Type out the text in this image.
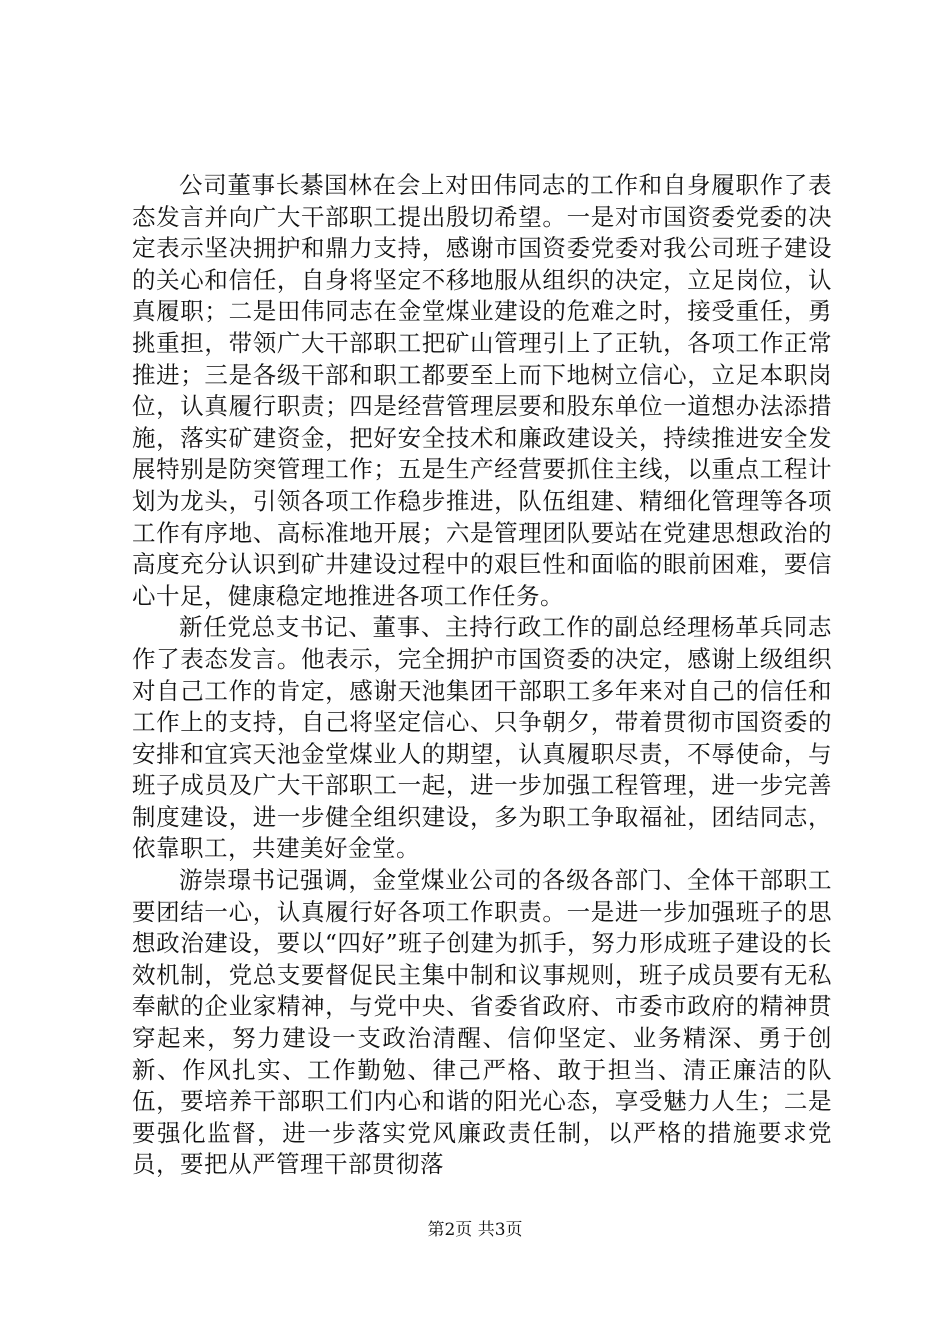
公司董事长綦国林在会上对田伟同志的工作和自身履职作了表态发言并向广大干部职工提出殷切希望。一是对市国资委党委的决定表示坚决拥护和鼎力支持，感谢市国资委党委对我公司班子建设的关心和信任，自身将坚定不移地服从组织的决定，立足岗位，认真履职；二是田伟同志在金堂煤业建设的危难之时，接受重任，勇挑重担，带领广大干部职工把矿山管理引上了正轨，各项工作正常推进；三是各级干部和职工都要至上而下地树立信心，立足本职岗位，认真履行职责；四是经营管理层要和股东单位一道想办法添措施，落实矿建资金，把好安全技术和廉政建设关，持续推进安全发展特别是防突管理工作；五是生产经营要抓住主线，以重点工程计划为龙头，引领各项工作稳步推进，队伍组建、精细化管理等各项工作有序地、高标准地开展；六是管理团队要站在党建思想政治的高度充分认识到矿井建设过程中的艰巨性和面临的眼前困难，要信心十足，健康稳定地推进各项工作任务。

新任党总支书记、董事、主持行政工作的副总经理杨革兵同志作了表态发言。他表示，完全拥护市国资委的决定，感谢上级组织对自己工作的肯定，感谢天池集团干部职工多年来对自己的信任和工作上的支持，自己将坚定信心、只争朝夕，带着贯彻市国资委的安排和宜宾天池金堂煤业人的期望，认真履职尽责，不辱使命，与班子成员及广大干部职工一起，进一步加强工程管理，进一步完善制度建设，进一步健全组织建设，多为职工争取福祉，团结同志，依靠职工，共建美好金堂。

游崇璟书记强调，金堂煤业公司的各级各部门、全体干部职工要团结一心，认真履行好各项工作职责。一是进一步加强班子的思想政治建设，要以“四好”班子创建为抓手，努力形成班子建设的长效机制，党总支要督促民主集中制和议事规则，班子成员要有无私奉献的企业家精神，与党中央、省委省政府、市委市政府的精神贯穿起来，努力建设一支政治清醒、信仰坚定、业务精深、勇于创新、作风扎实、工作勤勉、律己严格、敢于担当、清正廉洁的队伍，要培养干部职工们内心和谐的阳光心态，享受魅力人生；二是要强化监督，进一步落实党风廉政责任制，以严格的措施要求党员，要把从严管理干部贯彻落

第2页 共3页
